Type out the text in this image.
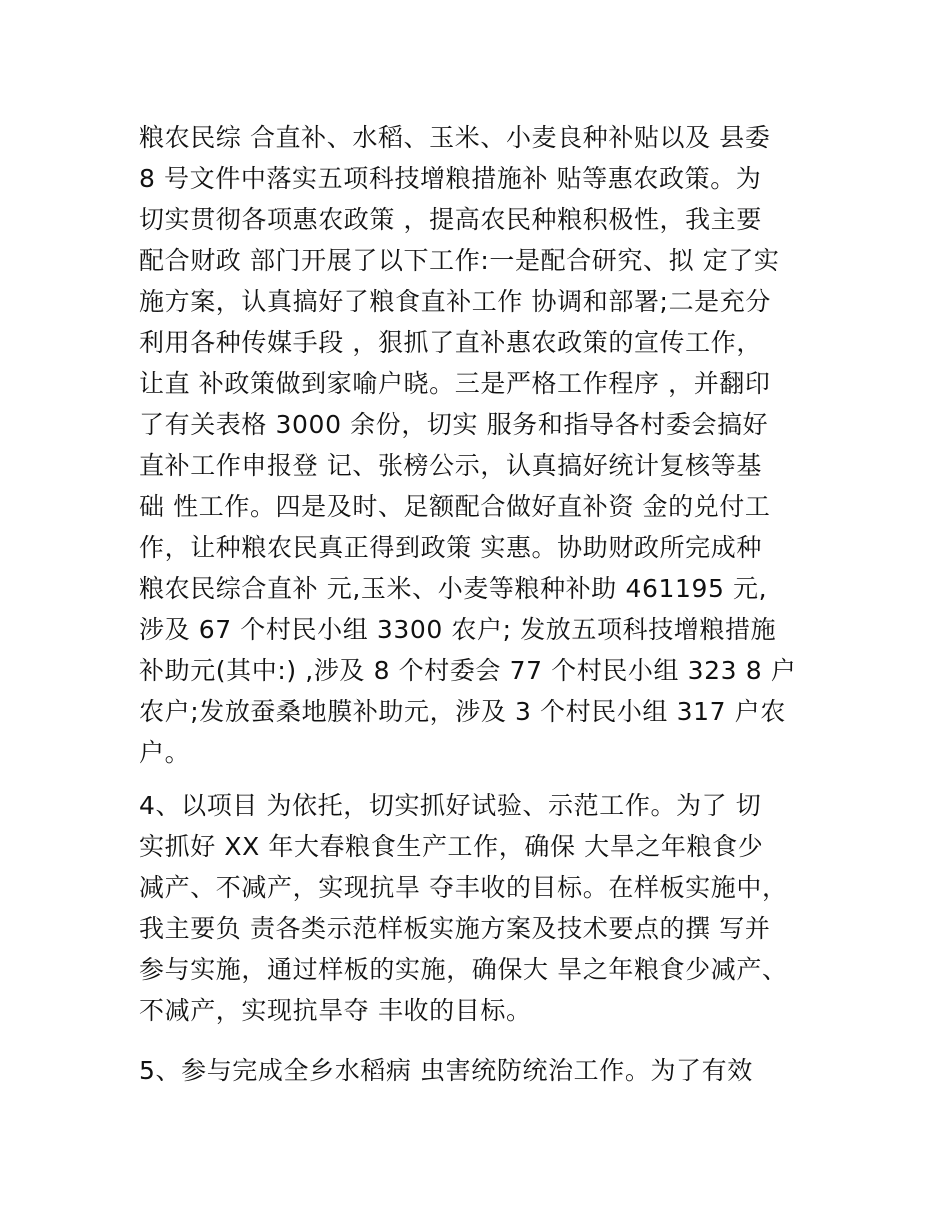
粮农民综 合直补、水稻、玉米、小麦良种补贴以及 县委
8 号文件中落实五项科技增粮措施补 贴等惠农政策。为
切实贯彻各项惠农政策 ，提高农民种粮积极性，我主要
配合财政 部门开展了以下工作:一是配合研究、拟 定了实
施方案，认真搞好了粮食直补工作 协调和部署;二是充分
利用各种传媒手段 ，狠抓了直补惠农政策的宣传工作，
让直 补政策做到家喻户晓。三是严格工作程序 ，并翻印
了有关表格 3000 余份，切实 服务和指导各村委会搞好
直补工作申报登 记、张榜公示，认真搞好统计复核等基
础 性工作。四是及时、足额配合做好直补资 金的兑付工
作，让种粮农民真正得到政策 实惠。协助财政所完成种
粮农民综合直补 元,玉米、小麦等粮种补助 461195 元,
涉及 67 个村民小组 3300 农户; 发放五项科技增粮措施
补助元(其中:) ,涉及 8 个村委会 77 个村民小组 323 8 户
农户;发放蚕桑地膜补助元，涉及 3 个村民小组 317 户农
户。
4、以项目 为依托，切实抓好试验、示范工作。为了 切
实抓好 XX 年大春粮食生产工作，确保 大旱之年粮食少
减产、不减产，实现抗旱 夺丰收的目标。在样板实施中，
我主要负 责各类示范样板实施方案及技术要点的撰 写并
参与实施，通过样板的实施，确保大 旱之年粮食少减产、
不减产，实现抗旱夺 丰收的目标。
5、参与完成全乡水稻病 虫害统防统治工作。为了有效
